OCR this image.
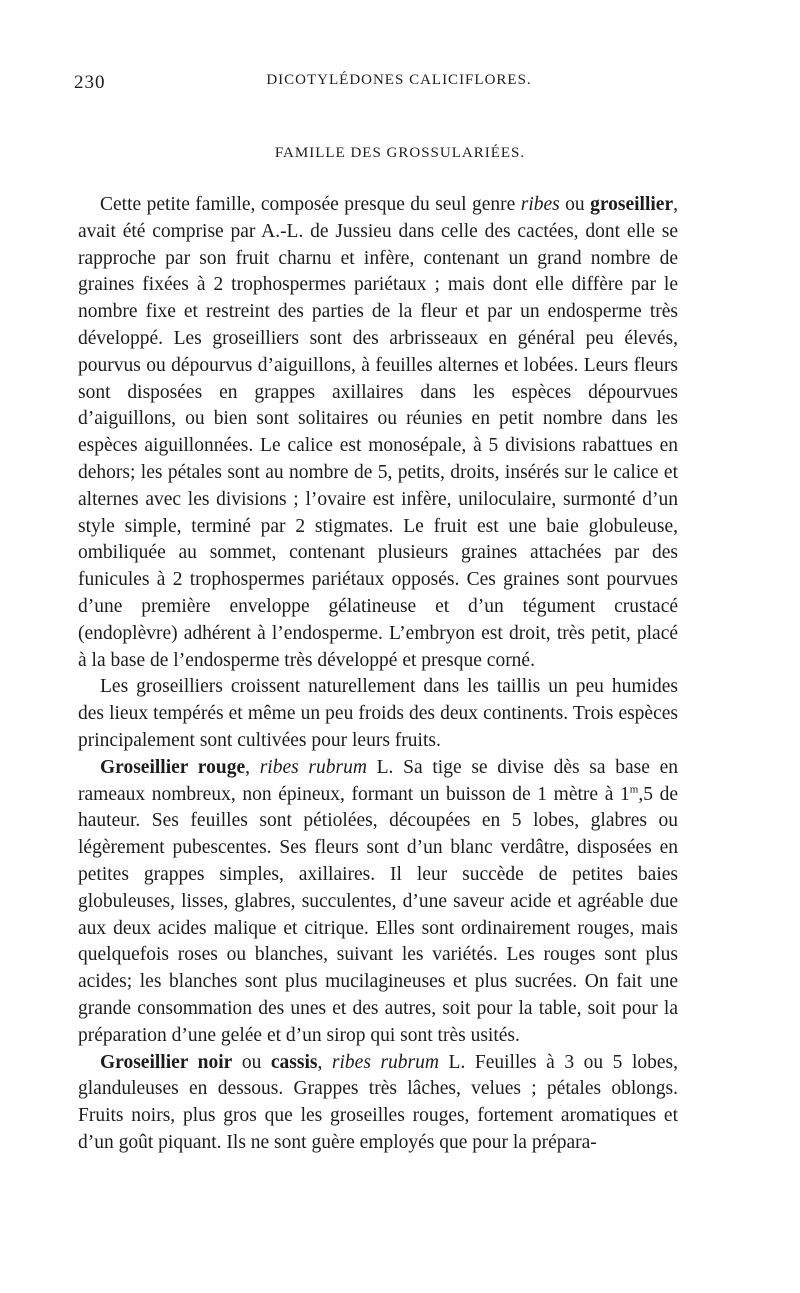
230	DICOTYLÉDONES CALICIFLORES.
FAMILLE DES GROSSULARIÉES.

Cette petite famille, composée presque du seul genre ribes ou groseillier, avait été comprise par A.-L. de Jussieu dans celle des cactées, dont elle se rapproche par son fruit charnu et infère, contenant un grand nombre de graines fixées à 2 trophospermes pariétaux ; mais dont elle diffère par le nombre fixe et restreint des parties de la fleur et par un endosperme très développé. Les groseilliers sont des arbrisseaux en général peu élevés, pourvus ou dépourvus d’aiguillons, à feuilles alternes et lobées. Leurs fleurs sont disposées en grappes axillaires dans les espèces dépourvues d’aiguillons, ou bien sont solitaires ou réunies en petit nombre dans les espèces aiguillonnées. Le calice est monosépale, à 5 divisions rabattues en dehors; les pétales sont au nombre de 5, petits, droits, insérés sur le calice et alternes avec les divisions ; l’ovaire est infère, uniloculaire, surmonté d’un style simple, terminé par 2 stigmates. Le fruit est une baie globuleuse, ombiliquée au sommet, contenant plusieurs graines attachées par des funicules à 2 trophospermes pariétaux opposés. Ces graines sont pourvues d’une première enveloppe gélatineuse et d’un tégument crustacé (endoplèvre) adhérent à l’endosperme. L’embryon est droit, très petit, placé à la base de l’endosperme très développé et presque corné.

Les groseilliers croissent naturellement dans les taillis un peu humides des lieux tempérés et même un peu froids des deux continents. Trois espèces principalement sont cultivées pour leurs fruits.

Groseillier rouge, ribes rubrum L. Sa tige se divise dès sa base en rameaux nombreux, non épineux, formant un buisson de 1 mètre à 1$^m$,5 de hauteur. Ses feuilles sont pétiolées, découpées en 5 lobes, glabres ou légèrement pubescentes. Ses fleurs sont d’un blanc verdâtre, disposées en petites grappes simples, axillaires. Il leur succède de petites baies globuleuses, lisses, glabres, succulentes, d’une saveur acide et agréable due aux deux acides malique et citrique. Elles sont ordinairement rouges, mais quelquefois roses ou blanches, suivant les variétés. Les rouges sont plus acides; les blanches sont plus mucilagineuses et plus sucrées. On fait une grande consommation des unes et des autres, soit pour la table, soit pour la préparation d’une gelée et d’un sirop qui sont très usités.

Groseillier noir ou cassis, ribes rubrum L. Feuilles à 3 ou 5 lobes, glanduleuses en dessous. Grappes très lâches, velues ; pétales oblongs. Fruits noirs, plus gros que les groseilles rouges, fortement aromatiques et d’un goût piquant. Ils ne sont guère employés que pour la prépara-
